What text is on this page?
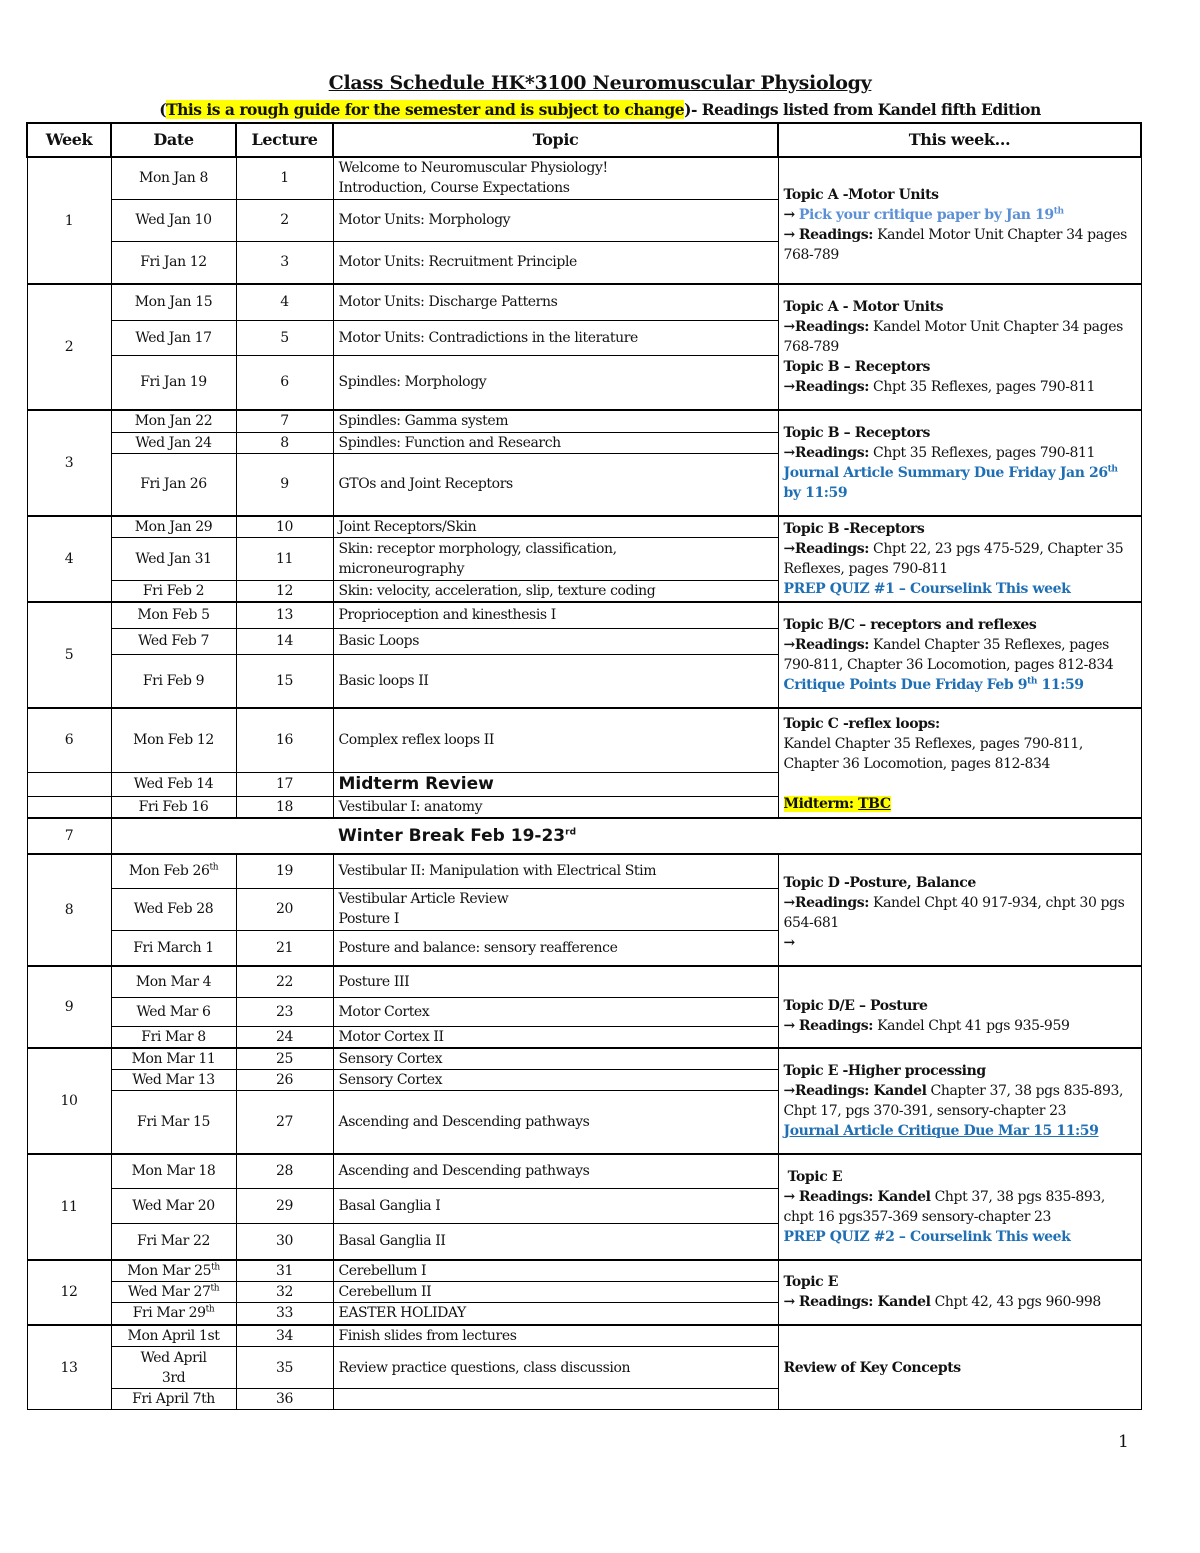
Class Schedule HK*3100 Neuromuscular Physiology
(This is a rough guide for the semester and is subject to change)- Readings listed from Kandel fifth Edition
Week	Date	Lecture	Topic	This week…
1	Mon Jan 8	1	Welcome to Neuromuscular Physiology!
Introduction, Course Expectations	Topic A -Motor Units
→ Pick your critique paper by Jan 19th
→ Readings: Kandel Motor Unit Chapter 34 pages 768-789
	Wed Jan 10	2	Motor Units: Morphology	
	Fri Jan 12	3	Motor Units: Recruitment Principle	
2	Mon Jan 15	4	Motor Units: Discharge Patterns	Topic A - Motor Units
→Readings: Kandel Motor Unit Chapter 34 pages 768-789
Topic B – Receptors
→Readings: Chpt 35 Reflexes, pages 790-811
	Wed Jan 17	5	Motor Units: Contradictions in the literature	
	Fri Jan 19	6	Spindles: Morphology	
3	Mon Jan 22	7	Spindles: Gamma system	Topic B – Receptors
→Readings: Chpt 35 Reflexes, pages 790-811
Journal Article Summary Due Friday Jan 26th by 11:59
	Wed Jan 24	8	Spindles: Function and Research	
	Fri Jan 26	9	GTOs and Joint Receptors	
4	Mon Jan 29	10	Joint Receptors/Skin	Topic B -Receptors
→Readings: Chpt 22, 23 pgs 475-529, Chapter 35 Reflexes, pages 790-811
PREP QUIZ #1 – Courselink This week
	Wed Jan 31	11	Skin: receptor morphology, classification,
microneurography	
	Fri Feb 2	12	Skin: velocity, acceleration, slip, texture coding	
5	Mon Feb 5	13	Proprioception and kinesthesis I	Topic B/C – receptors and reflexes
→Readings: Kandel Chapter 35 Reflexes, pages 790-811, Chapter 36 Locomotion, pages 812-834 Critique Points Due Friday Feb 9th 11:59
	Wed Feb 7	14	Basic Loops	
	Fri Feb 9	15	Basic loops II	
6	Mon Feb 12	16	Complex reflex loops II	Topic C -reflex loops:
Kandel Chapter 35 Reflexes, pages 790-811, Chapter 36 Locomotion, pages 812-834

Midterm: TBC
	Wed Feb 14	17	Midterm Review	
	Fri Feb 16	18	Vestibular I: anatomy	
7			Winter Break Feb 19-23rd
8	Mon Feb 26th	19	Vestibular II: Manipulation with Electrical Stim	Topic D -Posture, Balance
→Readings: Kandel Chpt 40 917-934, chpt 30 pgs 654-681
→
	Wed Feb 28	20	Vestibular Article Review
Posture I	
	Fri March 1	21	Posture and balance: sensory reafference	
9	Mon Mar 4	22	Posture III	Topic D/E – Posture
→ Readings: Kandel Chpt 41 pgs 935-959
	Wed Mar 6	23	Motor Cortex	
	Fri Mar 8	24	Motor Cortex II	
10	Mon Mar 11	25	Sensory Cortex	Topic E -Higher processing
→Readings: Kandel Chapter 37, 38 pgs 835-893, Chpt 17, pgs 370-391, sensory-chapter 23
Journal Article Critique Due Mar 15 11:59
	Wed Mar 13	26	Sensory Cortex	
	Fri Mar 15	27	Ascending and Descending pathways	
11	Mon Mar 18	28	Ascending and Descending pathways	Topic E
→ Readings: Kandel Chpt 37, 38 pgs 835-893, chpt 16 pgs357-369 sensory-chapter 23
PREP QUIZ #2 – Courselink This week
	Wed Mar 20	29	Basal Ganglia I	
	Fri Mar 22	30	Basal Ganglia II	
12	Mon Mar 25th	31	Cerebellum I	Topic E
→ Readings: Kandel Chpt 42, 43 pgs 960-998
	Wed Mar 27th	32	Cerebellum II	
	Fri Mar 29th	33	EASTER HOLIDAY	
13	Mon April 1st	34	Finish slides from lectures	Review of Key Concepts
	Wed April
3rd	35	Review practice questions, class discussion	
	Fri April 7th	36		
1
